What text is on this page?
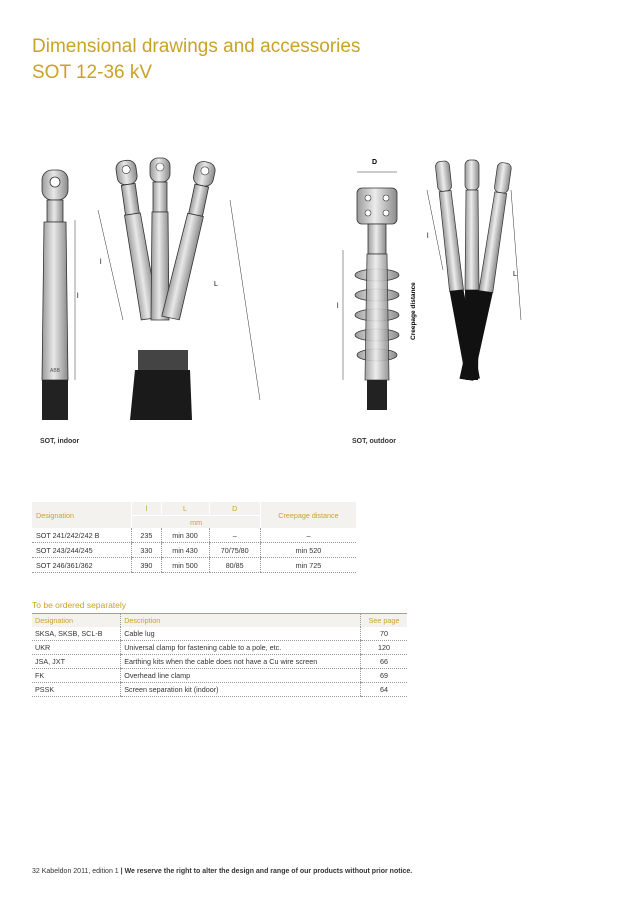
Dimensional drawings and accessories
SOT 12-36 kV
ABB
l
l
L
SOT, indoor
D
l	Creepage distance
l
L
SOT, outdoor
Designation	l	L	D	Creepage distance
	mm			
SOT 241/242/242 B	235	min 300	–	–
SOT 243/244/245	330	min 430	70/75/80	min 520
SOT 246/361/362	390	min 500	80/85	min 725
To be ordered separately
Designation	Description	See page
SKSA, SKSB, SCL-B	Cable lug	70
UKR	Universal clamp for fastening cable to a pole, etc.	120
JSA, JXT	Earthing kits when the cable does not have a Cu wire screen	66
FK	Overhead line clamp	69
PSSK	Screen separation kit (indoor)	64
32 Kabeldon 2011, edition 1 | We reserve the right to alter the design and range of our products without prior notice.
